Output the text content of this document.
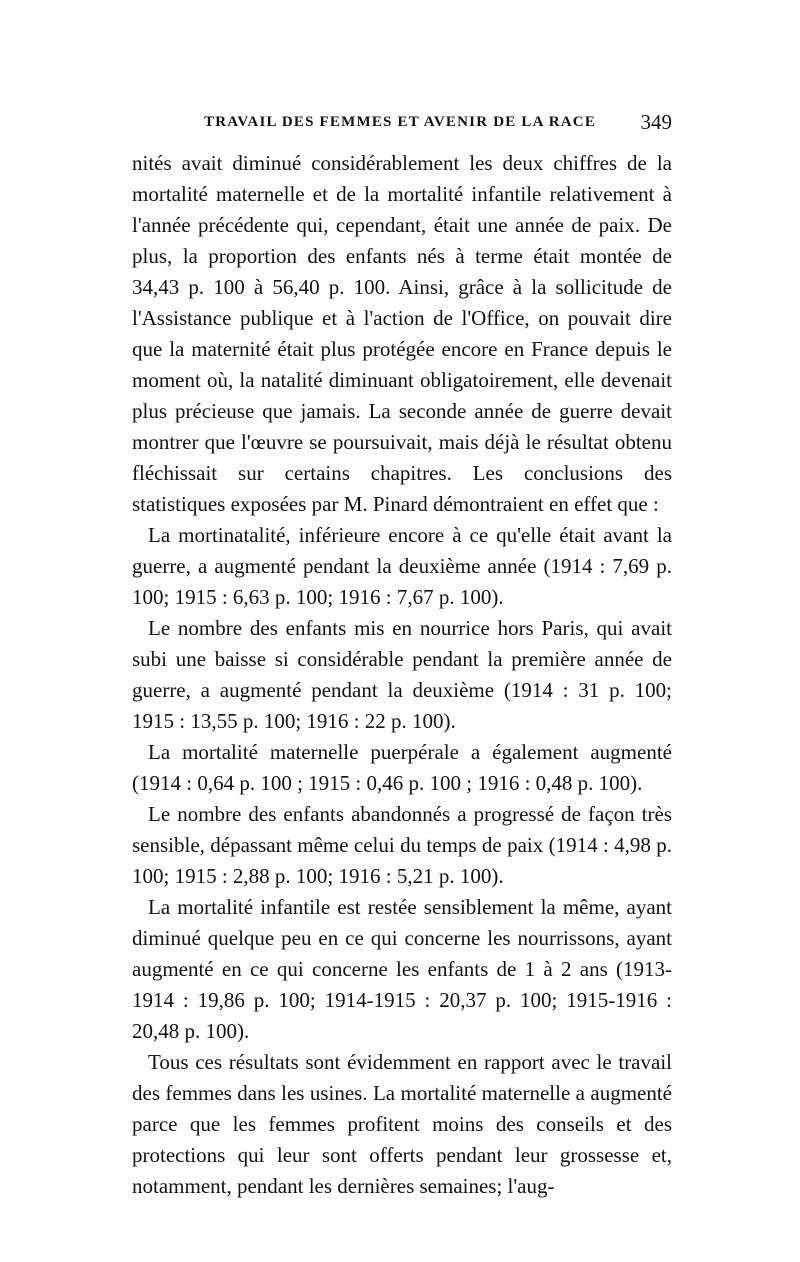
TRAVAIL DES FEMMES ET AVENIR DE LA RACE 349

nités avait diminué considérablement les deux chiffres de la mortalité maternelle et de la mortalité infantile relativement à l'année précédente qui, cependant, était une année de paix. De plus, la proportion des enfants nés à terme était montée de 34,43 p. 100 à 56,40 p. 100. Ainsi, grâce à la sollicitude de l'Assistance publique et à l'action de l'Office, on pouvait dire que la maternité était plus protégée encore en France depuis le moment où, la natalité diminuant obligatoirement, elle devenait plus précieuse que jamais. La seconde année de guerre devait montrer que l'œuvre se poursuivait, mais déjà le résultat obtenu fléchissait sur certains chapitres. Les conclusions des statistiques exposées par M. Pinard démontraient en effet que :

La mortinatalité, inférieure encore à ce qu'elle était avant la guerre, a augmenté pendant la deuxième année (1914 : 7,69 p. 100; 1915 : 6,63 p. 100; 1916 : 7,67 p. 100).

Le nombre des enfants mis en nourrice hors Paris, qui avait subi une baisse si considérable pendant la première année de guerre, a augmenté pendant la deuxième (1914 : 31 p. 100; 1915 : 13,55 p. 100; 1916 : 22 p. 100).

La mortalité maternelle puerpérale a également augmenté (1914 : 0,64 p. 100 ; 1915 : 0,46 p. 100 ; 1916 : 0,48 p. 100).

Le nombre des enfants abandonnés a progressé de façon très sensible, dépassant même celui du temps de paix (1914 : 4,98 p. 100; 1915 : 2,88 p. 100; 1916 : 5,21 p. 100).

La mortalité infantile est restée sensiblement la même, ayant diminué quelque peu en ce qui concerne les nourrissons, ayant augmenté en ce qui concerne les enfants de 1 à 2 ans (1913-1914 : 19,86 p. 100; 1914-1915 : 20,37 p. 100; 1915-1916 : 20,48 p. 100).

Tous ces résultats sont évidemment en rapport avec le travail des femmes dans les usines. La mortalité maternelle a augmenté parce que les femmes profitent moins des conseils et des protections qui leur sont offerts pendant leur grossesse et, notamment, pendant les dernières semaines; l'aug-
